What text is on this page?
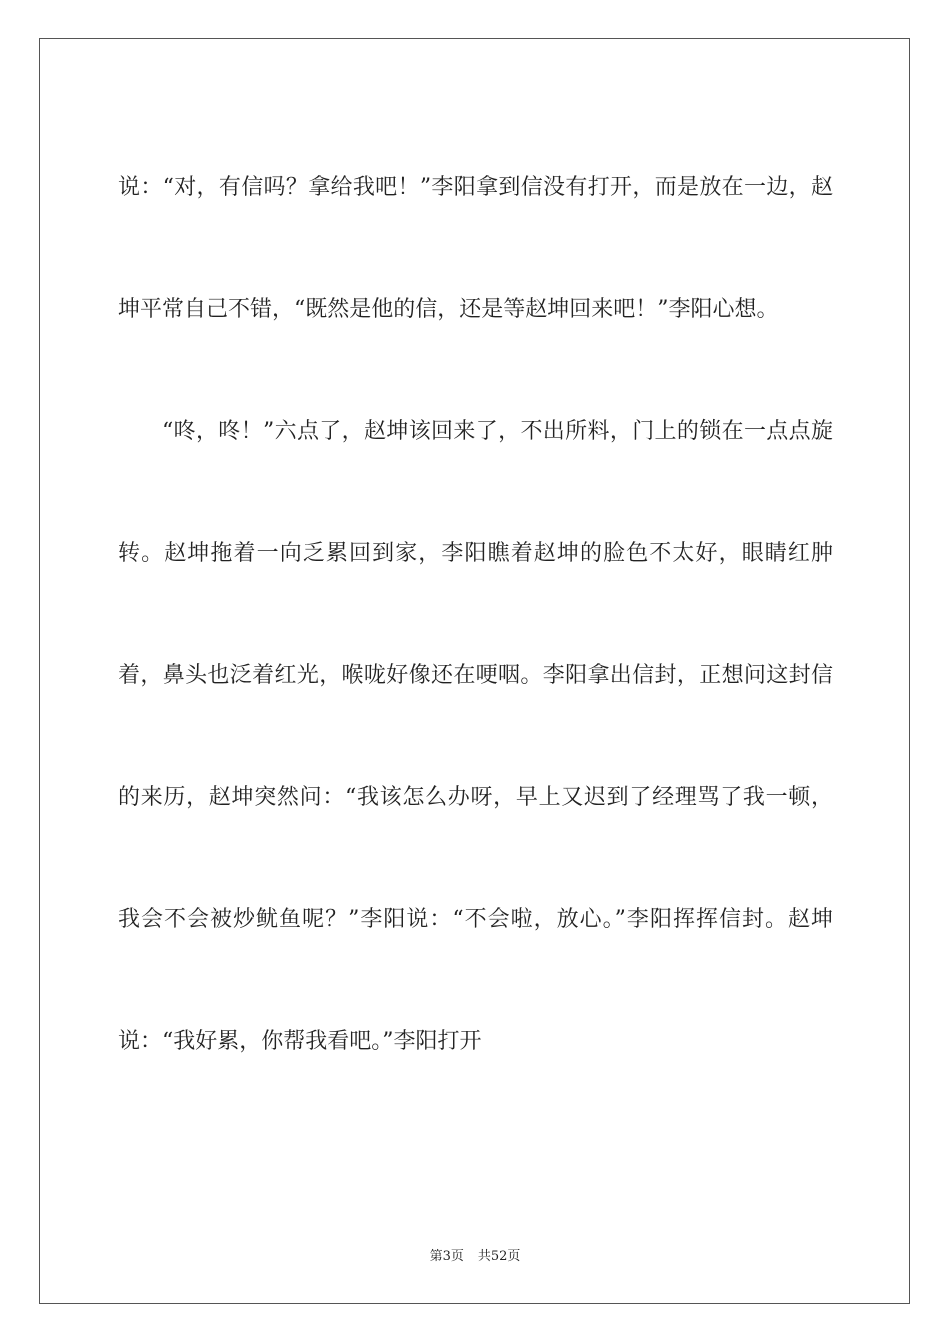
说：“对，有信吗？拿给我吧！”李阳拿到信没有打开，而是放在一边，赵坤平常自己不错，“既然是他的信，还是等赵坤回来吧！”李阳心想。

“咚，咚！”六点了，赵坤该回来了，不出所料，门上的锁在一点点旋转。赵坤拖着一向乏累回到家，李阳瞧着赵坤的脸色不太好，眼睛红肿着，鼻头也泛着红光，喉咙好像还在哽咽。李阳拿出信封，正想问这封信的来历，赵坤突然问：“我该怎么办呀，早上又迟到了经理骂了我一顿，我会不会被炒鱿鱼呢？”李阳说：“不会啦，放心。”李阳挥挥信封。赵坤说：“我好累，你帮我看吧。”李阳打开

第3页 共52页
